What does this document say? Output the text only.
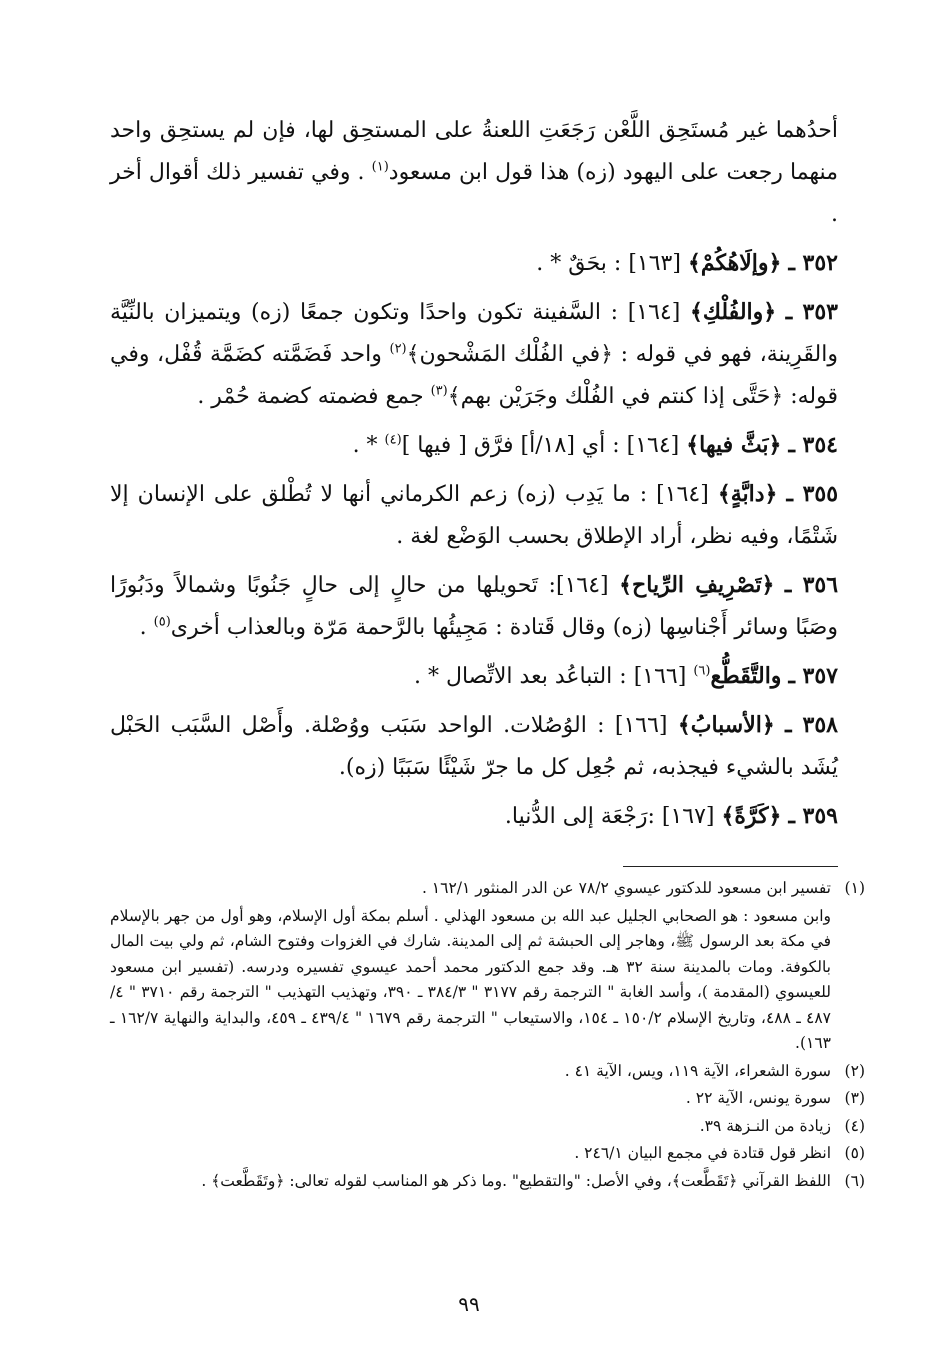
أحدُهما غير مُستَحِق اللَّعْن رَجَعَتِ اللعنةُ على المستحِق لها، فإن لم يستحِق واحد منهما رجعت على اليهود (زه) هذا قول ابن مسعود$^{(١)}$ . وفي تفسير ذلك أقوال أخر .

٣٥٢ ـ ﴿وإلَاهُكُمْ﴾ [١٦٣] : بحَقٌ * .

٣٥٣ ـ ﴿والفُلْكِ﴾ [١٦٤] : السَّفينة تكون واحدًا وتكون جمعًا (زه) ويتميزان بالنِّيَّة والقَرِينة، فهو في قوله : ﴿في الفُلْك المَشْحون﴾$^{(٢)}$ واحد فَضَمَّته كضَمَّة قُفْل، وفي قوله: ﴿حَتَّى إذا كنتم في الفُلْك وجَرَيْن بهم﴾$^{(٣)}$ جمع فضمته كضمة حُمْر .

٣٥٤ ـ ﴿بَثَّ فيها﴾ [١٦٤] : أي [١٨/أ] فرَّق [ فيها ]$^{(٤)}$ * .

٣٥٥ ـ ﴿دابَّةٍ﴾ [١٦٤] : ما يَدِب (زه) زعم الكرماني أنها لا تُطْلق على الإنسان إلا شَتْمًا، وفيه نظر، أراد الإطلاق بحسب الوَضْع لغة .

٣٥٦ ـ ﴿تَصْرِيفِ الرِّياح﴾ [١٦٤]: تَحويلها من حالٍ إلى حالٍ جَنُوبًا وشمالاً ودَبُورًا وصَبًا وسائر أَجْناسِها (زه) وقال قَتادة : مَجِيئُها بالرَّحمة مَرّة وبالعذاب أخرى$^{(٥)}$ .

٣٥٧ ـ والتَّقَطُّع$^{(٦)}$ [١٦٦] : التباعُد بعد الاتِّصال * .

٣٥٨ ـ ﴿الأسبابُ﴾ [١٦٦] : الوُصُلات. الواحد سَبَب ووُصْلة. وأَصْل السَّبَب الحَبْل يُشَد بالشيء فيجذبه، ثم جُعِل كل ما جرّ شَيْئًا سَبَبًا (زه).

٣٥٩ ـ ﴿كَرَّةً﴾ [١٦٧] :رَجْعَة إلى الدُّنيا.

(١)
تفسير ابن مسعود للدكتور عيسوي ٧٨/٢ عن الدر المنثور ١٦٢/١ .
وابن مسعود : هو الصحابي الجليل عبد الله بن مسعود الهذلي . أسلم بمكة أول الإسلام، وهو أول من جهر بالإسلام في مكة بعد الرسول ﷺ، وهاجر إلى الحبشة ثم إلى المدينة. شارك في الغزوات وفتوح الشام، ثم ولي بيت المال بالكوفة. ومات بالمدينة سنة ٣٢ هـ. وقد جمع الدكتور محمد أحمد عيسوي تفسيره ودرسه. (تفسير ابن مسعود للعيسوي (المقدمة )، وأسد الغابة " الترجمة رقم ٣١٧٧ " ٣٨٤/٣ ـ ٣٩٠، وتهذيب التهذيب " الترجمة رقم ٣٧١٠ " ٤/ ٤٨٧ ـ ٤٨٨، وتاريخ الإسلام ١٥٠/٢ ـ ١٥٤، والاستيعاب " الترجمة رقم ١٦٧٩ " ٤٣٩/٤ ـ ٤٥٩، والبداية والنهاية ١٦٢/٧ ـ ١٦٣).
(٢)
سورة الشعراء، الآية ١١٩، ويس، الآية ٤١ .
(٣)
سورة يونس، الآية ٢٢ .
(٤)
زيادة من النـزهة ٣٩.
(٥)
انظر قول قتادة في مجمع البيان ٢٤٦/١ .
(٦)
اللفظ القرآني ﴿تَقَطَّعت﴾، وفي الأصل: "والتقطيع" .وما ذكر هو المناسب لقوله تعالى: ﴿وتَقَطَّعت﴾ .
٩٩
